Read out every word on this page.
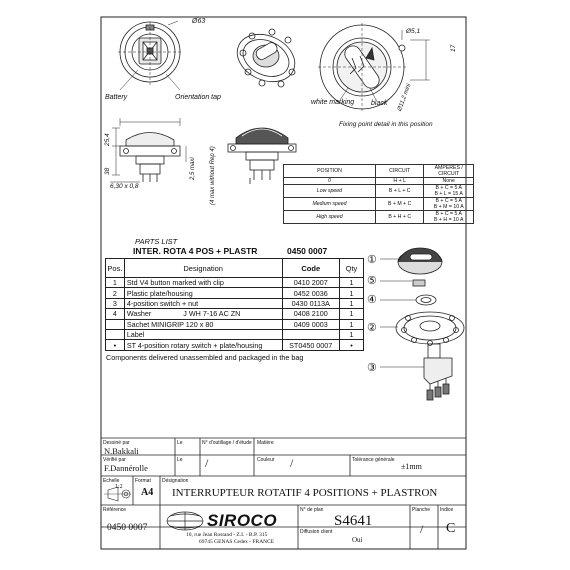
Ø63
Battery	Orientation tap
white marking black
Fixing point detail in this position
Ø5,1
17
Ø11,2 mini
25,4
38	2,5 maxi (4 max without Rep 4)
6,30 x 0,8
POSITION	CIRCUIT	AMPERES / CIRCUIT
0	H + L	None
Low speed	B + L + C	B + C = 5 A
B + L = 15 A
Medium speed	B + M + C	B + C = 5 A
B + M = 10 A
High speed	B + H + C	B + C = 5 A
B + H = 10 A
PARTS LIST
INTER. ROTA 4 POS + PLASTR	0450 0007
Pos.	Designation	Code	Qty
1	Std V4 button marked with clip	0410 2007	1
2	Plastic plate/housing	0452 0036	1
3	4-position switch + nut	0430 0113A	1
4	Washer                J WH 7-16 AC ZN	0408 2100	1
	Sachet MINIGRIP 120 x 80	0409 0003	1
	Label		1
•	ST 4-position rotary switch + plate/housing	ST0450 0007	•
Components delivered unassembled and packaged in the bag
①
⑤
④
②
③
Dessiné par
N.Bakkali
Le	N° d'outillage / d'étude Matière
Vérifié par
F.Dannérolle
Le /	Couleur /	Tolérance générale
±1mm
Echelle
1:2
Format
A4
Désignation
INTERRUPTEUR ROTATIF 4 POSITIONS + PLASTRON
Référence
0450 0007	SIROCO
10, rue Jean Rostand - Z.I. - B.P. 315
69745 GENAS Cedex - FRANCE
N° de plan
S4641
Diffusion client
Oui
Planche
/
Indice
C
